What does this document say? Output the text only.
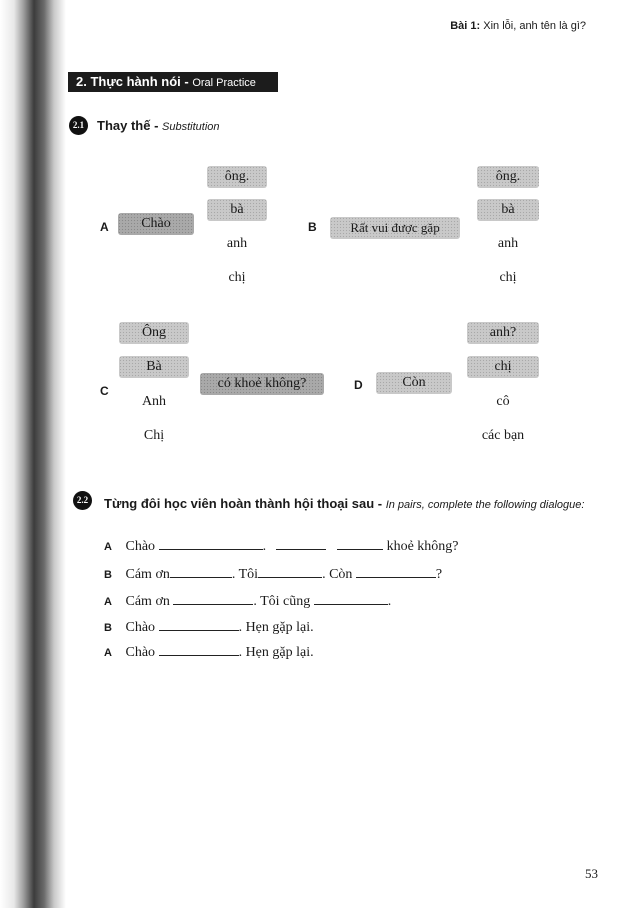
Bài 1: Xin lỗi, anh tên là gì?
2. Thực hành nói - Oral Practice
2.1 Thay thế - Substitution
A	Chào
ông.
bà
anh
chị
B	Rất vui được gặp
ông.
bà
anh
chị
C
Ông
Bà
Anh
Chị
có khoẻ không?	D	Còn
anh?
chị
cô
các bạn
2.2 Từng đôi học viên hoàn thành hội thoại sau - In pairs, complete the following dialogue:
A Chào	.	khoẻ không?
B Cám ơn	. Tôi	. Còn	?
A Cám ơn	. Tôi cũng	.
B Chào	. Hẹn gặp lại.
A Chào	. Hẹn gặp lại.
53
